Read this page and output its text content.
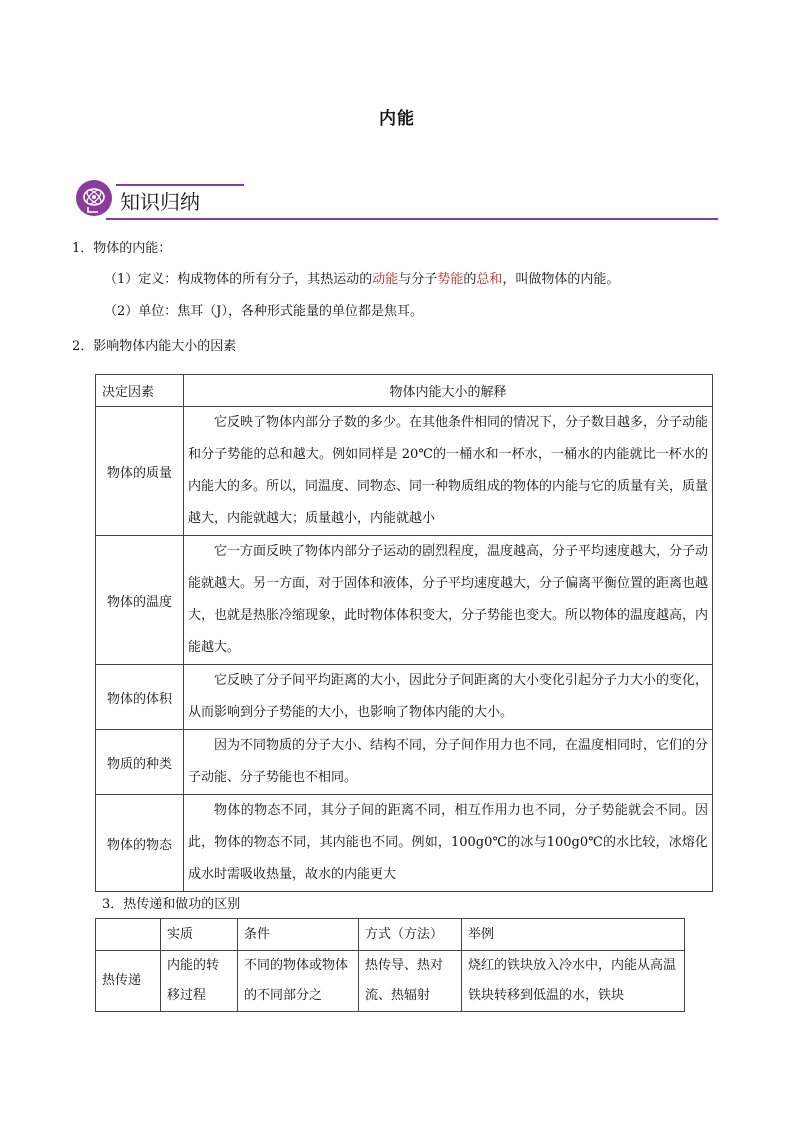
内能
知识归纳
1．物体的内能：
（1）定义：构成物体的所有分子，其热运动的动能与分子势能的总和，叫做物体的内能。
（2）单位：焦耳（J），各种形式能量的单位都是焦耳。
2．影响物体内能大小的因素
决定因素	物体内能大小的解释
物体的质量	它反映了物体内部分子数的多少。在其他条件相同的情况下，分子数目越多，分子动能和分子势能的总和越大。例如同样是 20℃的一桶水和一杯水，一桶水的内能就比一杯水的内能大的多。所以，同温度、同物态、同一种物质组成的物体的内能与它的质量有关，质量越大，内能就越大；质量越小，内能就越小
物体的温度	它一方面反映了物体内部分子运动的剧烈程度，温度越高，分子平均速度越大，分子动能就越大。另一方面，对于固体和液体，分子平均速度越大，分子偏离平衡位置的距离也越大，也就是热胀冷缩现象，此时物体体积变大，分子势能也变大。所以物体的温度越高，内能越大。
物体的体积	它反映了分子间平均距离的大小，因此分子间距离的大小变化引起分子力大小的变化，从而影响到分子势能的大小，也影响了物体内能的大小。
物质的种类	因为不同物质的分子大小、结构不同，分子间作用力也不同，在温度相同时，它们的分子动能、分子势能也不相同。
物体的物态	物体的物态不同，其分子间的距离不同，相互作用力也不同，分子势能就会不同。因此，物体的物态不同，其内能也不同。例如，100g0℃的冰与100g0℃的水比较，冰熔化成水时需吸收热量，故水的内能更大
3．热传递和做功的区别
	实质	条件	方式（方法）	举例
热传递	内能的转移过程	不同的物体或物体的不同部分之	热传导、热对流、热辐射	烧红的铁块放入冷水中，内能从高温铁块转移到低温的水，铁块
